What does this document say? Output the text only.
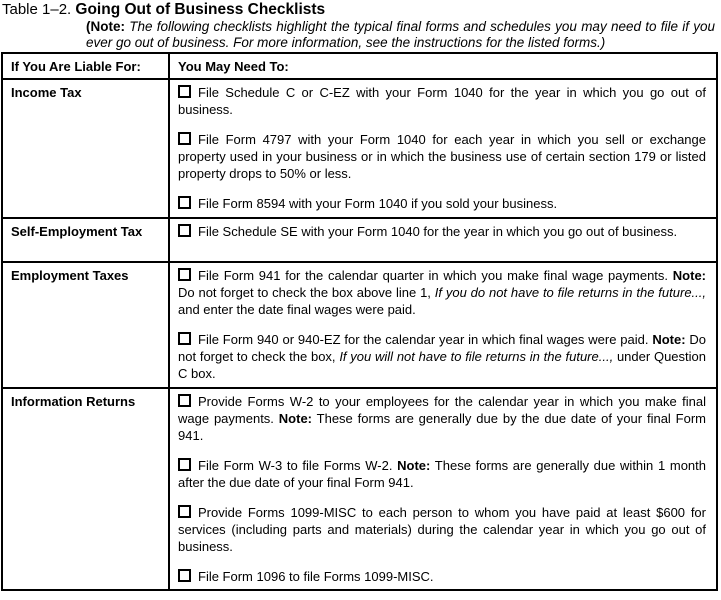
Table 1–2. Going Out of Business Checklists
(Note: The following checklists highlight the typical final forms and schedules you may need to file if you ever go out of business. For more information, see the instructions for the listed forms.)
If You Are Liable For:	You May Need To:
Income Tax	File Schedule C or C-EZ with your Form 1040 for the year in which you go out of business.

File Form 4797 with your Form 1040 for each year in which you sell or exchange property used in your business or in which the business use of certain section 179 or listed property drops to 50% or less.

File Form 8594 with your Form 1040 if you sold your business.

Self-Employment Tax	File Schedule SE with your Form 1040 for the year in which you go out of business.

Employment Taxes	File Form 941 for the calendar quarter in which you make final wage payments. Note: Do not forget to check the box above line 1, If you do not have to file returns in the future..., and enter the date final wages were paid.

File Form 940 or 940-EZ for the calendar year in which final wages were paid. Note: Do not forget to check the box, If you will not have to file returns in the future..., under Question C box.

Information Returns	Provide Forms W-2 to your employees for the calendar year in which you make final wage payments. Note: These forms are generally due by the due date of your final Form 941.

File Form W-3 to file Forms W-2. Note: These forms are generally due within 1 month after the due date of your final Form 941.

Provide Forms 1099-MISC to each person to whom you have paid at least $600 for services (including parts and materials) during the calendar year in which you go out of business.

File Form 1096 to file Forms 1099-MISC.
